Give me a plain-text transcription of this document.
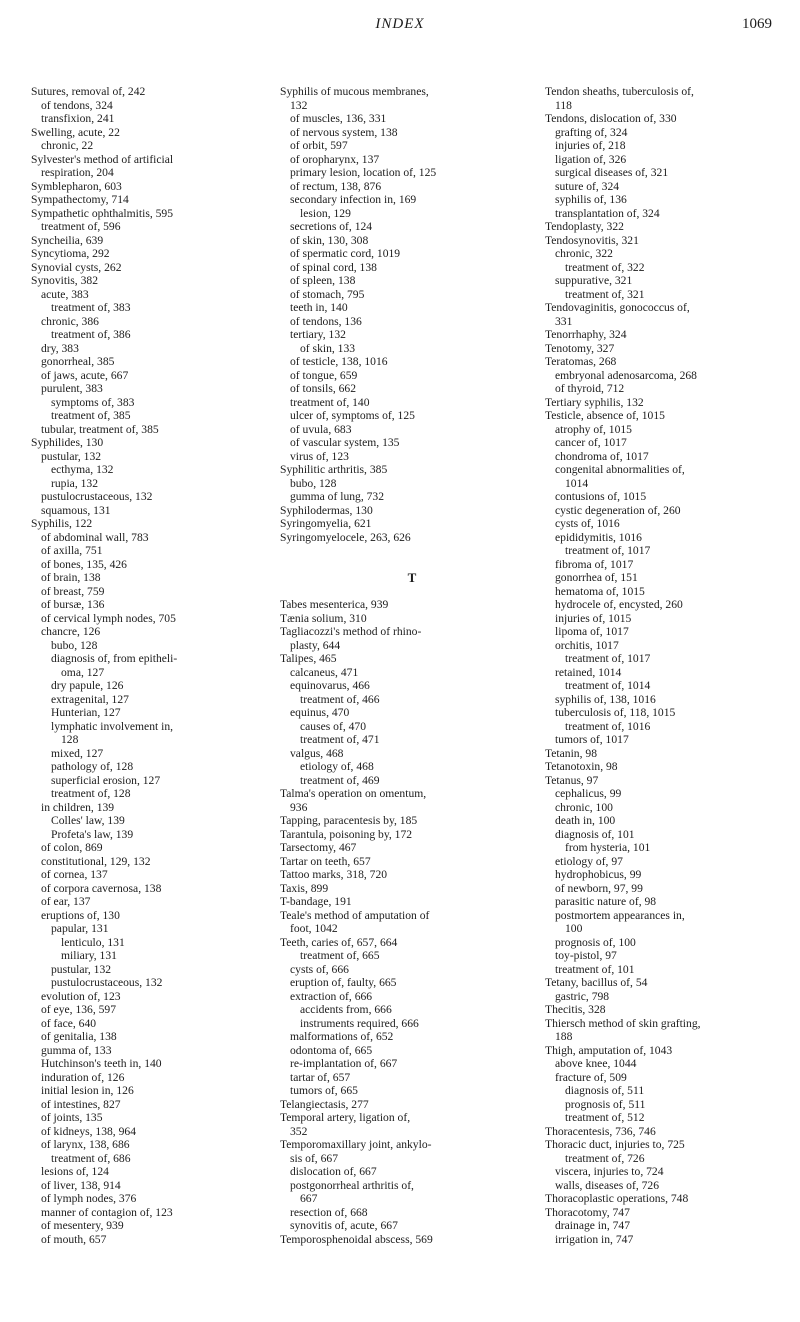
INDEX	1069
Sutures, removal of, 242
of tendons, 324
transfixion, 241
Swelling, acute, 22
chronic, 22
Sylvester's method of artificial
respiration, 204
Symblepharon, 603
Sympathectomy, 714
Sympathetic ophthalmitis, 595
treatment of, 596
Syncheilia, 639
Syncytioma, 292
Synovial cysts, 262
Synovitis, 382
acute, 383
treatment of, 383
chronic, 386
treatment of, 386
dry, 383
gonorrheal, 385
of jaws, acute, 667
purulent, 383
symptoms of, 383
treatment of, 385
tubular, treatment of, 385
Syphilides, 130
pustular, 132
ecthyma, 132
rupia, 132
pustulocrustaceous, 132
squamous, 131
Syphilis, 122
of abdominal wall, 783
of axilla, 751
of bones, 135, 426
of brain, 138
of breast, 759
of bursæ, 136
of cervical lymph nodes, 705
chancre, 126
bubo, 128
diagnosis of, from epitheli-
oma, 127
dry papule, 126
extragenital, 127
Hunterian, 127
lymphatic involvement in,
128
mixed, 127
pathology of, 128
superficial erosion, 127
treatment of, 128
in children, 139
Colles' law, 139
Profeta's law, 139
of colon, 869
constitutional, 129, 132
of cornea, 137
of corpora cavernosa, 138
of ear, 137
eruptions of, 130
papular, 131
lenticulo, 131
miliary, 131
pustular, 132
pustulocrustaceous, 132
evolution of, 123
of eye, 136, 597
of face, 640
of genitalia, 138
gumma of, 133
Hutchinson's teeth in, 140
induration of, 126
initial lesion in, 126
of intestines, 827
of joints, 135
of kidneys, 138, 964
of larynx, 138, 686
treatment of, 686
lesions of, 124
of liver, 138, 914
of lymph nodes, 376
manner of contagion of, 123
of mesentery, 939
of mouth, 657
Syphilis of mucous membranes,
132
of muscles, 136, 331
of nervous system, 138
of orbit, 597
of oropharynx, 137
primary lesion, location of, 125
of rectum, 138, 876
secondary infection in, 169
lesion, 129
secretions of, 124
of skin, 130, 308
of spermatic cord, 1019
of spinal cord, 138
of spleen, 138
of stomach, 795
teeth in, 140
of tendons, 136
tertiary, 132
of skin, 133
of testicle, 138, 1016
of tongue, 659
of tonsils, 662
treatment of, 140
ulcer of, symptoms of, 125
of uvula, 683
of vascular system, 135
virus of, 123
Syphilitic arthritis, 385
bubo, 128
gumma of lung, 732
Syphilodermas, 130
Syringomyelia, 621
Syringomyelocele, 263, 626
T
Tabes mesenterica, 939
Tænia solium, 310
Tagliacozzi's method of rhino-
plasty, 644
Talipes, 465
calcaneus, 471
equinovarus, 466
treatment of, 466
equinus, 470
causes of, 470
treatment of, 471
valgus, 468
etiology of, 468
treatment of, 469
Talma's operation on omentum,
936
Tapping, paracentesis by, 185
Tarantula, poisoning by, 172
Tarsectomy, 467
Tartar on teeth, 657
Tattoo marks, 318, 720
Taxis, 899
T-bandage, 191
Teale's method of amputation of
foot, 1042
Teeth, caries of, 657, 664
treatment of, 665
cysts of, 666
eruption of, faulty, 665
extraction of, 666
accidents from, 666
instruments required, 666
malformations of, 652
odontoma of, 665
re-implantation of, 667
tartar of, 657
tumors of, 665
Telangiectasis, 277
Temporal artery, ligation of,
352
Temporomaxillary joint, ankylo-
sis of, 667
dislocation of, 667
postgonorrheal arthritis of,
667
resection of, 668
synovitis of, acute, 667
Temporosphenoidal abscess, 569
Tendon sheaths, tuberculosis of,
118
Tendons, dislocation of, 330
grafting of, 324
injuries of, 218
ligation of, 326
surgical diseases of, 321
suture of, 324
syphilis of, 136
transplantation of, 324
Tendoplasty, 322
Tendosynovitis, 321
chronic, 322
treatment of, 322
suppurative, 321
treatment of, 321
Tendovaginitis, gonococcus of,
331
Tenorrhaphy, 324
Tenotomy, 327
Teratomas, 268
embryonal adenosarcoma, 268
of thyroid, 712
Tertiary syphilis, 132
Testicle, absence of, 1015
atrophy of, 1015
cancer of, 1017
chondroma of, 1017
congenital abnormalities of,
1014
contusions of, 1015
cystic degeneration of, 260
cysts of, 1016
epididymitis, 1016
treatment of, 1017
fibroma of, 1017
gonorrhea of, 151
hematoma of, 1015
hydrocele of, encysted, 260
injuries of, 1015
lipoma of, 1017
orchitis, 1017
treatment of, 1017
retained, 1014
treatment of, 1014
syphilis of, 138, 1016
tuberculosis of, 118, 1015
treatment of, 1016
tumors of, 1017
Tetanin, 98
Tetanotoxin, 98
Tetanus, 97
cephalicus, 99
chronic, 100
death in, 100
diagnosis of, 101
from hysteria, 101
etiology of, 97
hydrophobicus, 99
of newborn, 97, 99
parasitic nature of, 98
postmortem appearances in,
100
prognosis of, 100
toy-pistol, 97
treatment of, 101
Tetany, bacillus of, 54
gastric, 798
Thecitis, 328
Thiersch method of skin grafting,
188
Thigh, amputation of, 1043
above knee, 1044
fracture of, 509
diagnosis of, 511
prognosis of, 511
treatment of, 512
Thoracentesis, 736, 746
Thoracic duct, injuries to, 725
treatment of, 726
viscera, injuries to, 724
walls, diseases of, 726
Thoracoplastic operations, 748
Thoracotomy, 747
drainage in, 747
irrigation in, 747
